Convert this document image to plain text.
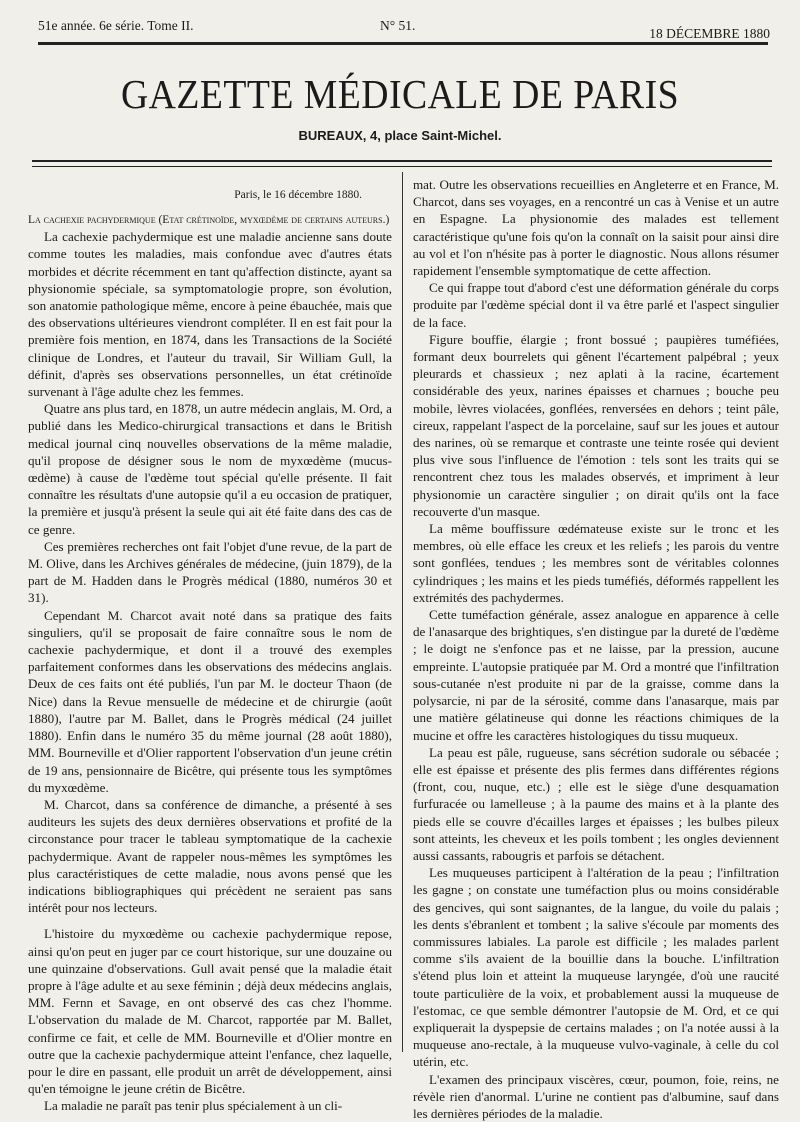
51e année. 6e série. Tome II.	N° 51.
18 DÉCEMBRE 1880
GAZETTE MÉDICALE DE PARIS
BUREAUX, 4, place Saint-Michel.
Paris, le 16 décembre 1880.

La cachexie pachydermique (Etat crétinoïde, myxœdème de certains auteurs.)

La cachexie pachydermique est une maladie ancienne sans doute comme toutes les maladies, mais confondue avec d'autres états morbides et décrite récemment en tant qu'affection distincte, ayant sa physionomie spéciale, sa symptomatologie propre, son évolution, son anatomie pathologique même, encore à peine ébauchée, mais que des observations ultérieures viendront compléter. Il en est fait pour la première fois mention, en 1874, dans les Transactions de la Société clinique de Londres, et l'auteur du travail, Sir William Gull, la définit, d'après ses observations personnelles, un état crétinoïde survenant à l'âge adulte chez les femmes.

Quatre ans plus tard, en 1878, un autre médecin anglais, M. Ord, a publié dans les Medico-chirurgical transactions et dans le British medical journal cinq nouvelles observations de la même maladie, qu'il propose de désigner sous le nom de myxœdème (mucus-œdème) à cause de l'œdème tout spécial qu'elle présente. Il fait connaître les résultats d'une autopsie qu'il a eu occasion de pratiquer, la première et jusqu'à présent la seule qui ait été faite dans des cas de ce genre.

Ces premières recherches ont fait l'objet d'une revue, de la part de M. Olive, dans les Archives générales de médecine, (juin 1879), de la part de M. Hadden dans le Progrès médical (1880, numéros 30 et 31).

Cependant M. Charcot avait noté dans sa pratique des faits singuliers, qu'il se proposait de faire connaître sous le nom de cachexie pachydermique, et dont il a trouvé des exemples parfaitement conformes dans les observations des médecins anglais. Deux de ces faits ont été publiés, l'un par M. le docteur Thaon (de Nice) dans la Revue mensuelle de médecine et de chirurgie (août 1880), l'autre par M. Ballet, dans le Progrès médical (24 juillet 1880). Enfin dans le numéro 35 du même journal (28 août 1880), MM. Bourneville et d'Olier rapportent l'observation d'un jeune crétin de 19 ans, pensionnaire de Bicêtre, qui présente tous les symptômes du myxœdème.

M. Charcot, dans sa conférence de dimanche, a présenté à ses auditeurs les sujets des deux dernières observations et profité de la circonstance pour tracer le tableau symptomatique de la cachexie pachydermique. Avant de rappeler nous-mêmes les symptômes les plus caractéristiques de cette maladie, nous avons pensé que les indications bibliographiques qui précèdent ne seraient pas sans intérêt pour nos lecteurs.

L'histoire du myxœdème ou cachexie pachydermique repose, ainsi qu'on peut en juger par ce court historique, sur une douzaine ou une quinzaine d'observations. Gull avait pensé que la maladie était propre à l'âge adulte et au sexe féminin ; déjà deux médecins anglais, MM. Fernn et Savage, en ont observé des cas chez l'homme. L'observation du malade de M. Charcot, rapportée par M. Ballet, confirme ce fait, et celle de MM. Bourneville et d'Olier montre en outre que la cachexie pachydermique atteint l'enfance, chez laquelle, pour le dire en passant, elle produit un arrêt de développement, ainsi qu'en témoigne le jeune crétin de Bicêtre.

La maladie ne paraît pas tenir plus spécialement à un cli-

mat. Outre les observations recueillies en Angleterre et en France, M. Charcot, dans ses voyages, en a rencontré un cas à Venise et un autre en Espagne. La physionomie des malades est tellement caractéristique qu'une fois qu'on la connaît on la saisit pour ainsi dire au vol et l'on n'hésite pas à porter le diagnostic. Nous allons résumer rapidement l'ensemble symptomatique de cette affection.

Ce qui frappe tout d'abord c'est une déformation générale du corps produite par l'œdème spécial dont il va être parlé et l'aspect singulier de la face.

Figure bouffie, élargie ; front bossué ; paupières tuméfiées, formant deux bourrelets qui gênent l'écartement palpébral ; yeux pleurards et chassieux ; nez aplati à la racine, écartement considérable des yeux, narines épaisses et charnues ; bouche peu mobile, lèvres violacées, gonflées, renversées en dehors ; teint pâle, cireux, rappelant l'aspect de la porcelaine, sauf sur les joues et autour des narines, où se remarque et contraste une teinte rosée qui devient plus vive sous l'influence de l'émotion : tels sont les traits qui se rencontrent chez tous les malades observés, et impriment à leur physionomie un caractère singulier ; on dirait qu'ils ont la face recouverte d'un masque.

La même bouffissure œdémateuse existe sur le tronc et les membres, où elle efface les creux et les reliefs ; les parois du ventre sont gonflées, tendues ; les membres sont de véritables colonnes cylindriques ; les mains et les pieds tuméfiés, déformés rappellent les extrémités des pachydermes.

Cette tuméfaction générale, assez analogue en apparence à celle de l'anasarque des brightiques, s'en distingue par la dureté de l'œdème ; le doigt ne s'enfonce pas et ne laisse, par la pression, aucune empreinte. L'autopsie pratiquée par M. Ord a montré que l'infiltration sous-cutanée n'est produite ni par de la graisse, comme dans la polysarcie, ni par de la sérosité, comme dans l'anasarque, mais par une matière gélatineuse qui donne les réactions chimiques de la mucine et offre les caractères histologiques du tissu muqueux.

La peau est pâle, rugueuse, sans sécrétion sudorale ou sébacée ; elle est épaisse et présente des plis fermes dans différentes régions (front, cou, nuque, etc.) ; elle est le siège d'une desquamation furfuracée ou lamelleuse ; à la paume des mains et à la plante des pieds elle se couvre d'écailles larges et épaisses ; les bulbes pileux sont atteints, les cheveux et les poils tombent ; les ongles deviennent aussi cassants, rabougris et parfois se détachent.

Les muqueuses participent à l'altération de la peau ; l'infiltration les gagne ; on constate une tuméfaction plus ou moins considérable des gencives, qui sont saignantes, de la langue, du voile du palais ; les dents s'ébranlent et tombent ; la salive s'écoule par moments des commissures labiales. La parole est difficile ; les malades parlent comme s'ils avaient de la bouillie dans la bouche. L'infiltration s'étend plus loin et atteint la muqueuse laryngée, d'où une raucité toute particulière de la voix, et probablement aussi la muqueuse de l'estomac, ce que semble démontrer l'autopsie de M. Ord, et ce qui expliquerait la dyspepsie de certains malades ; on l'a notée aussi à la muqueuse ano-rectale, à la muqueuse vulvo-vaginale, à celle du col utérin, etc.

L'examen des principaux viscères, cœur, poumon, foie, reins, ne révèle rien d'anormal. L'urine ne contient pas d'albumine, sauf dans les dernières périodes de la maladie.
